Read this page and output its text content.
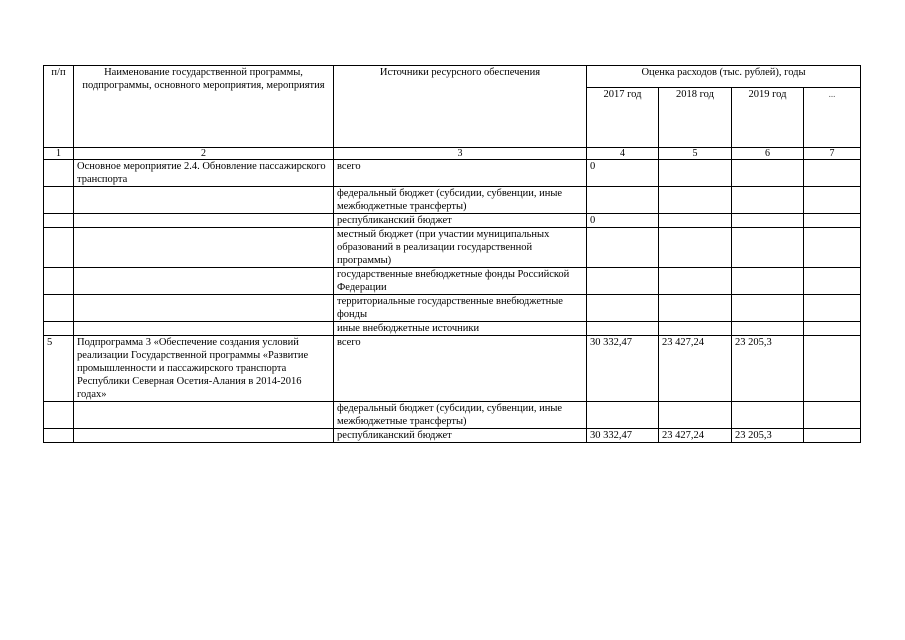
п/п	Наименование государственной программы, подпрограммы, основного мероприятия, мероприятия	Источники ресурсного обеспечения	Оценка расходов (тыс. рублей), годы			
			2017 год	2018 год	2019 год	...
1	2	3	4	5	6	7
	Основное мероприятие 2.4. Обновление пассажирского транспорта	всего	0			
		федеральный бюджет (субсидии, субвенции, иные межбюджетные трансферты)				
		республиканский бюджет	0			
		местный бюджет (при участии муниципальных образований в реализации государственной программы)				
		государственные внебюджетные фонды Российской Федерации				
		территориальные государственные внебюджетные фонды				
		иные внебюджетные источники				
5	Подпрограмма 3 «Обеспечение создания условий реализации Государственной программы «Развитие промышленности и пассажирского транспорта Республики Северная Осетия-Алания в 2014-2016 годах»	всего	30 332,47	23 427,24	23 205,3	
		федеральный бюджет (субсидии, субвенции, иные межбюджетные трансферты)				
		республиканский бюджет	30 332,47	23 427,24	23 205,3	
